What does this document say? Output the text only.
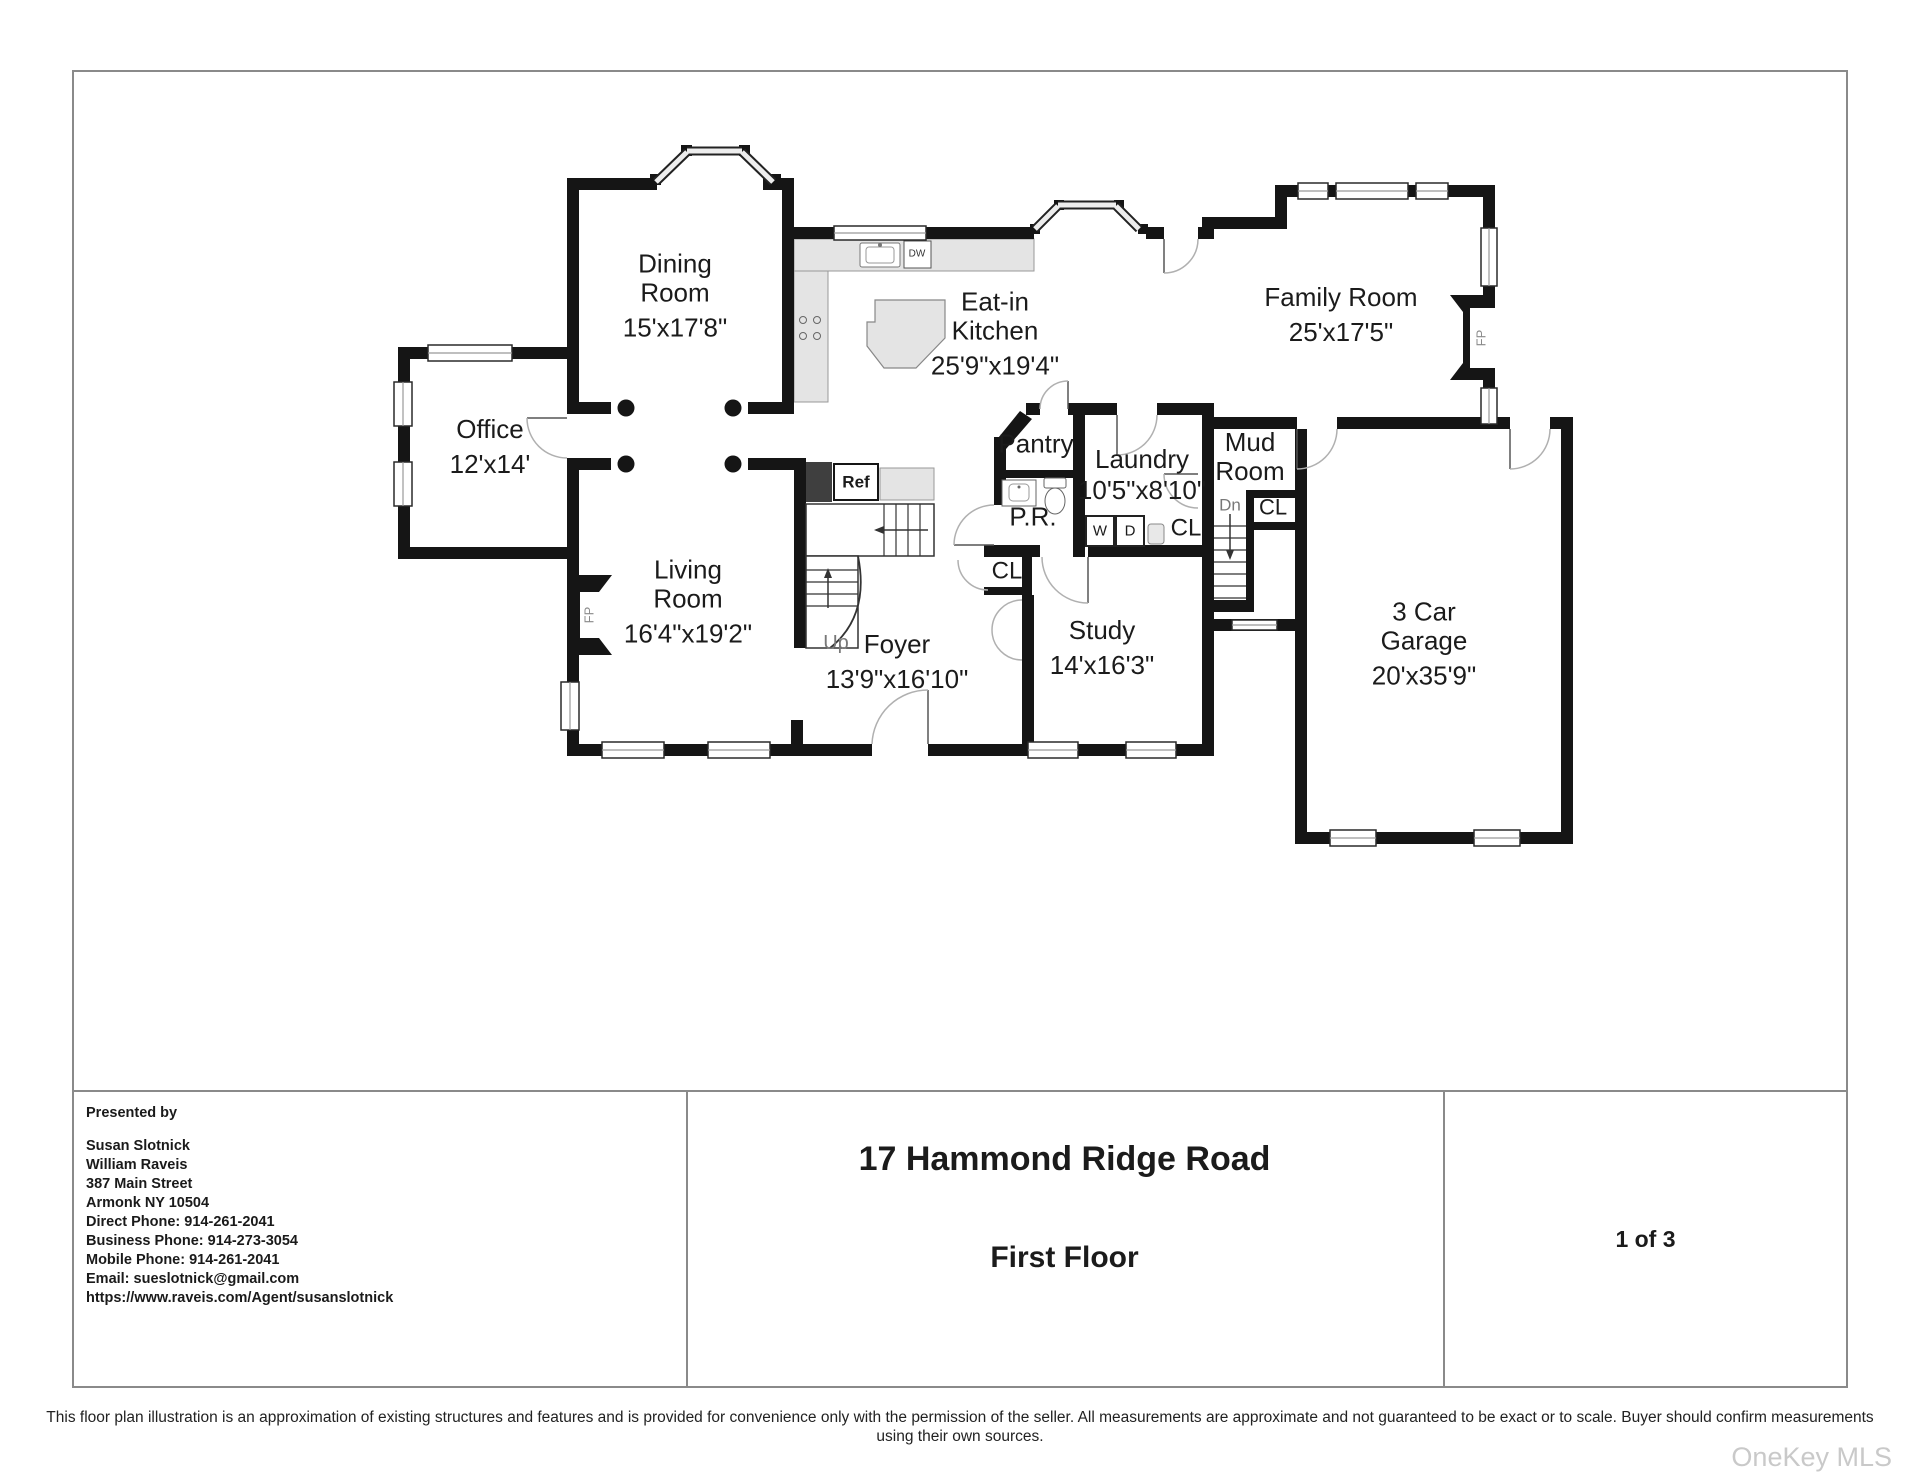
Dining
Room
15'x17'8"
Office
12'x14'
Eat-in
Kitchen
25'9"x19'4"
Family Room
25'x17'5"
Living
Room
16'4"x19'2"	Foyer
13'9"x16'10"
Study
14'x16'3"
3 Car
Garage
20'x35'9"
Pantry
Laundry
10'5"x8'10"
Mud
Room
P.R.
Ref
DW
W D
Up
Dn
CL
CL
CL
FP
FP
Presented by
Susan Slotnick
William Raveis
387 Main Street
Armonk NY 10504
Direct Phone: 914-261-2041
Business Phone: 914-273-3054
Mobile Phone: 914-261-2041
Email: sueslotnick@gmail.com
https://www.raveis.com/Agent/susanslotnick
17 Hammond Ridge Road
First Floor
1 of 3
This floor plan illustration is an approximation of existing structures and features and is provided for convenience only with the permission of the seller. All measurements are approximate and not guaranteed to be exact or to scale. Buyer should confirm measurements using their own sources.
OneKey MLS
